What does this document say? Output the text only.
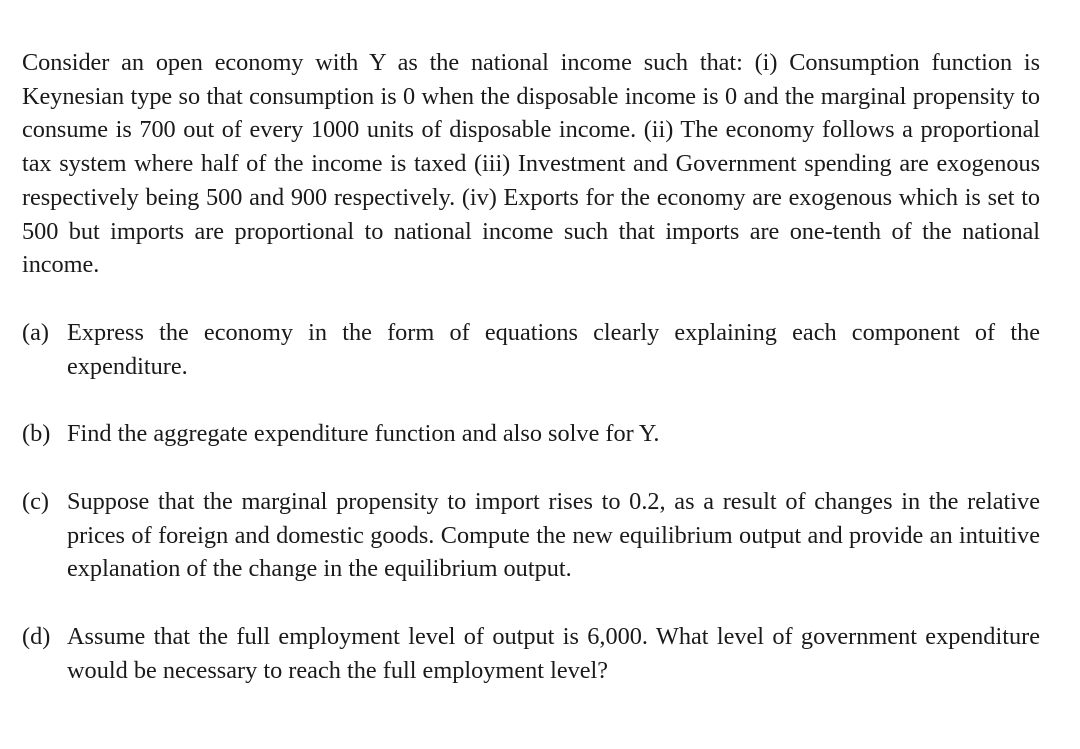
Consider an open economy with Y as the national income such that: (i) Consumption function is Keynesian type so that consumption is 0 when the disposable income is 0 and the marginal propensity to consume is 700 out of every 1000 units of disposable income. (ii) The economy follows a proportional tax system where half of the income is taxed (iii) Investment and Government spending are exogenous respectively being 500 and 900 respectively. (iv) Exports for the economy are exogenous which is set to 500 but imports are proportional to national income such that imports are one-tenth of the national income.

(a) Express the economy in the form of equations clearly explaining each component of the expenditure.
(b) Find the aggregate expenditure function and also solve for Y.
(c) Suppose that the marginal propensity to import rises to 0.2, as a result of changes in the relative prices of foreign and domestic goods. Compute the new equilibrium output and provide an intuitive explanation of the change in the equilibrium output.
(d) Assume that the full employment level of output is 6,000. What level of government expenditure would be necessary to reach the full employment level?
